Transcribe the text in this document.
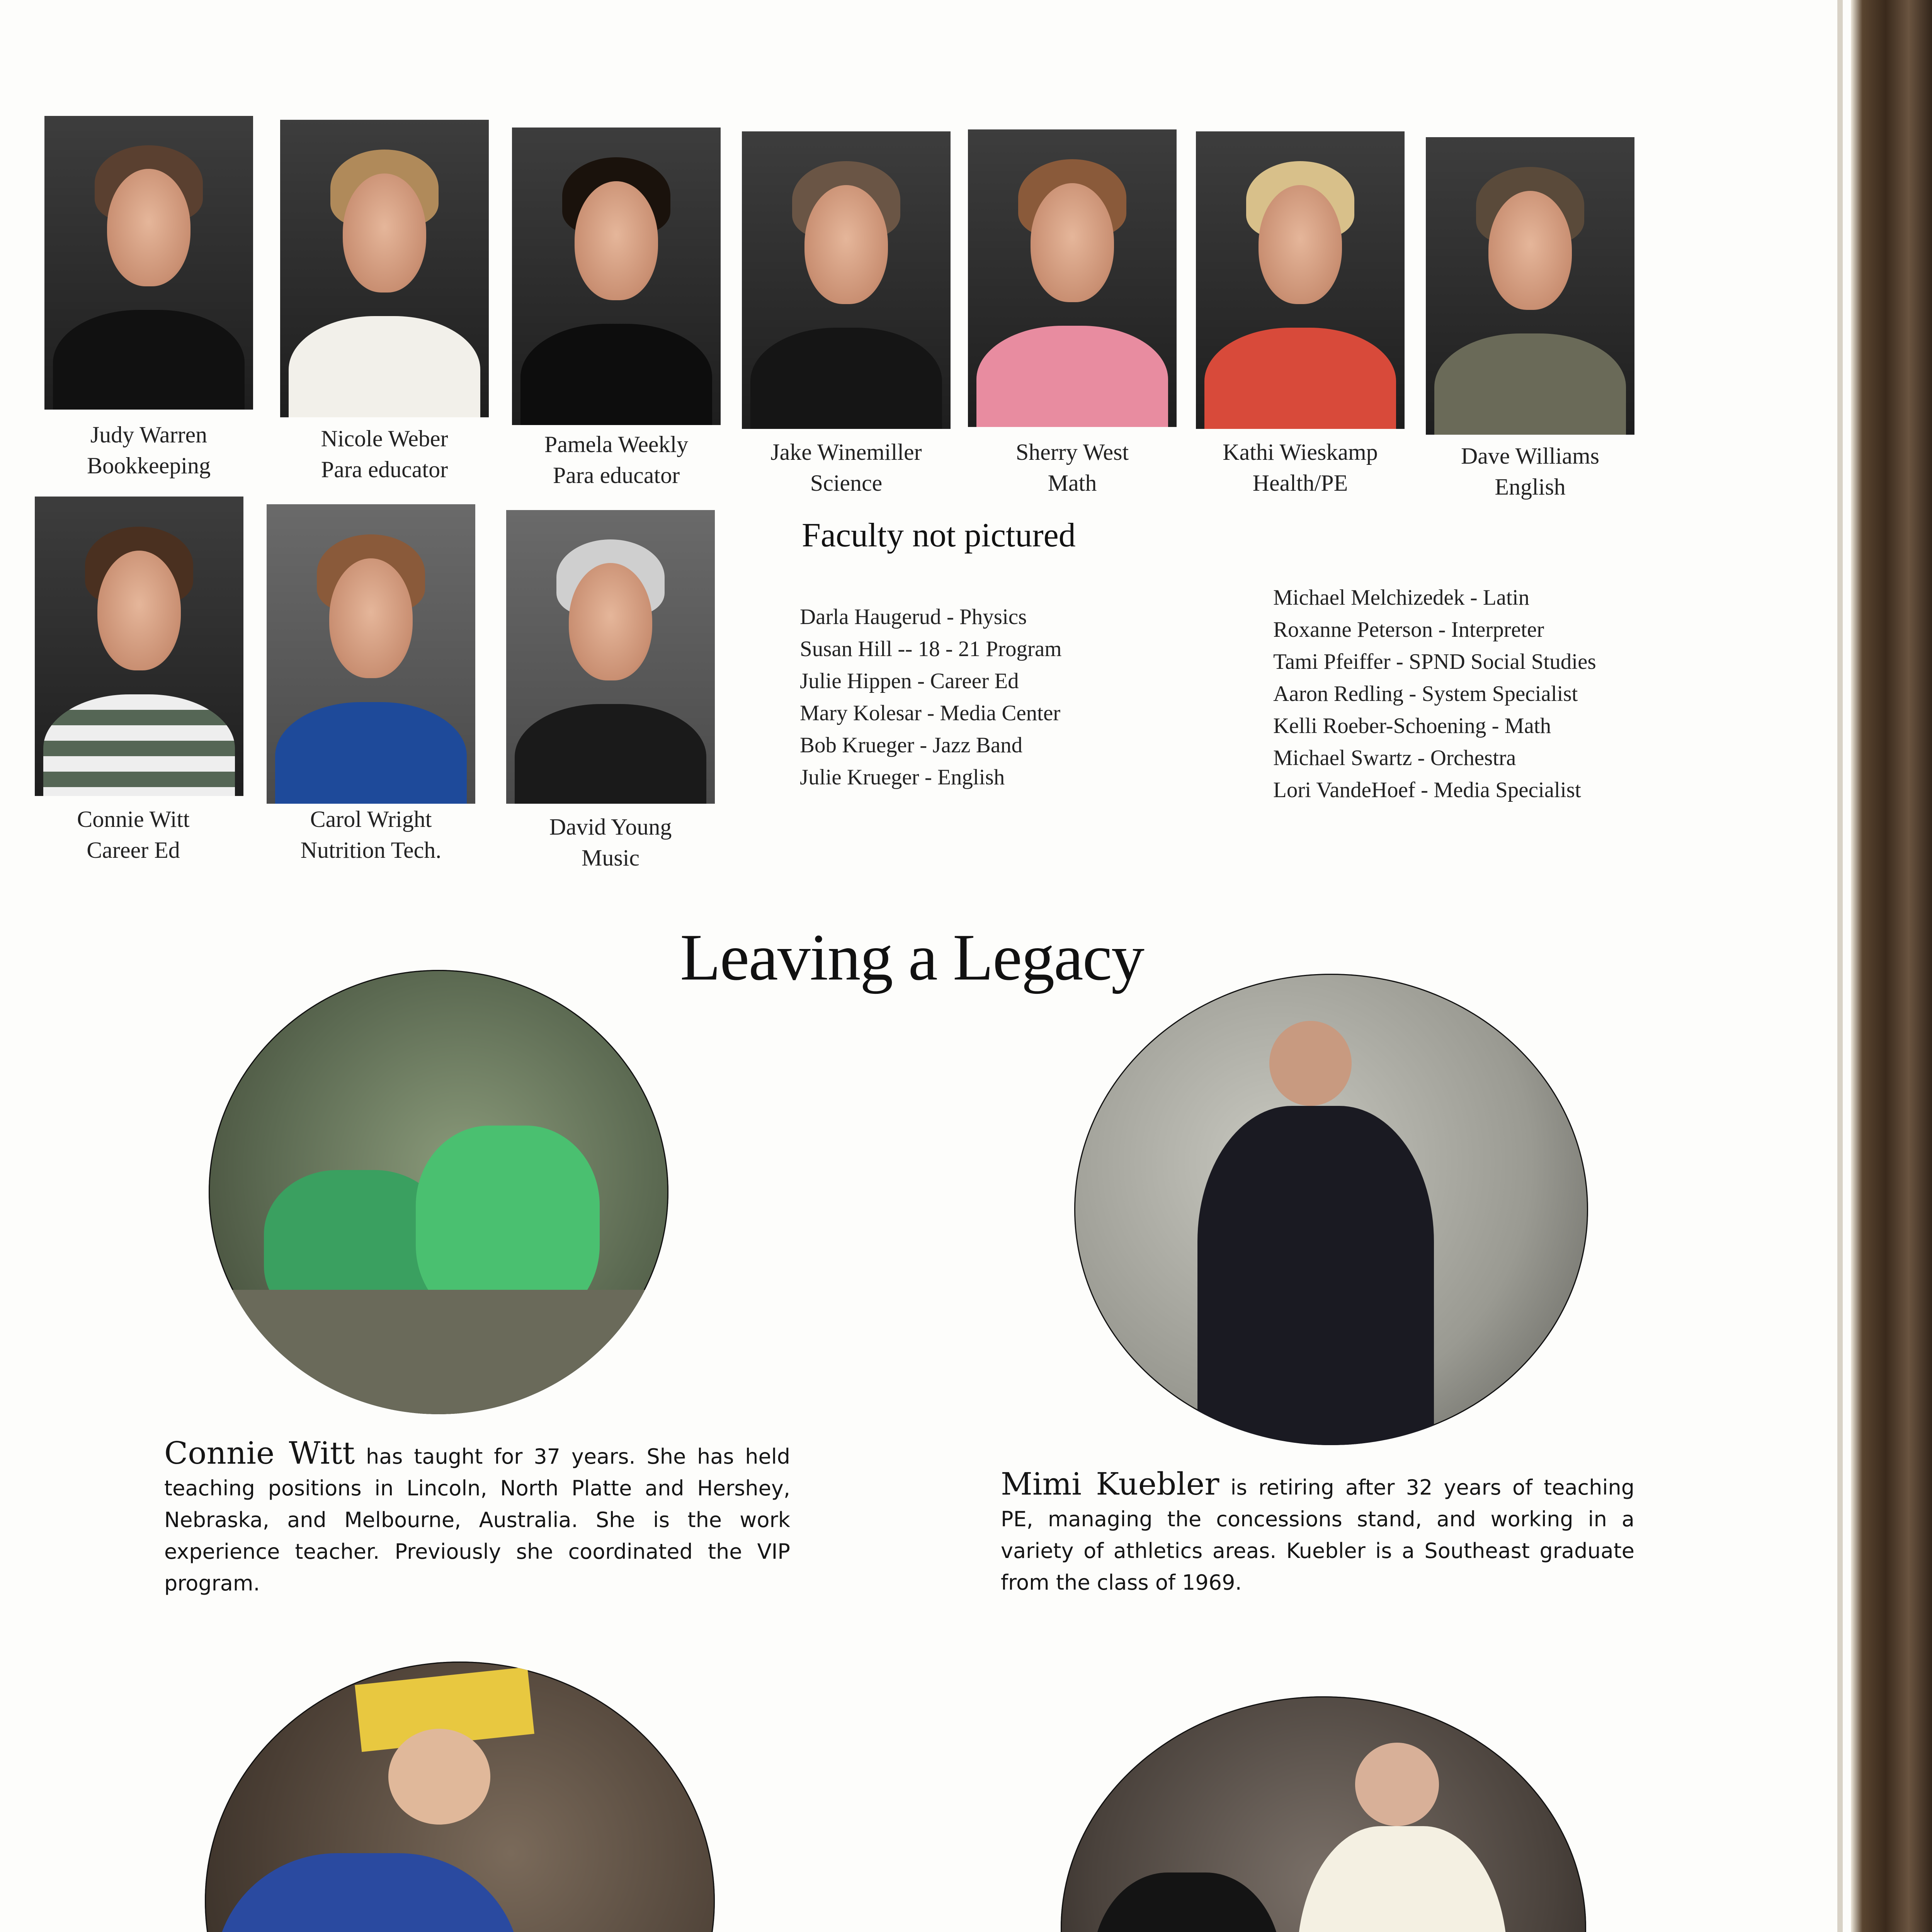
Judy Warren
Bookkeeping
Nicole Weber
Para educator
Pamela Weekly
Para educator
Jake Winemiller
Science
Sherry West
Math
Kathi Wieskamp
Health/PE
Dave Williams
English
Connie Witt
Career Ed
Carol Wright
Nutrition Tech.
David Young
Music
Faculty not pictured
Darla Haugerud - Physics
Susan Hill -- 18 - 21 Program
Julie Hippen - Career Ed
Mary Kolesar - Media Center
Bob Krueger - Jazz Band
Julie Krueger - English
Michael Melchizedek - Latin
Roxanne Peterson - Interpreter
Tami Pfeiffer - SPND Social Studies
Aaron Redling - System Specialist
Kelli Roeber-Schoening - Math
Michael Swartz - Orchestra
Lori VandeHoef - Media Specialist
Leaving a Legacy
Connie Witt has taught for 37 years. She has held teaching positions in Lincoln, North Platte and Hershey, Nebraska, and Melbourne, Australia. She is the work experience teacher. Previously she coordinated the VIP program.
Mimi Kuebler is retiring after 32 years of teaching PE, managing the concessions stand, and working in a variety of athletics areas. Kuebler is a Southeast graduate from the class of 1969.
